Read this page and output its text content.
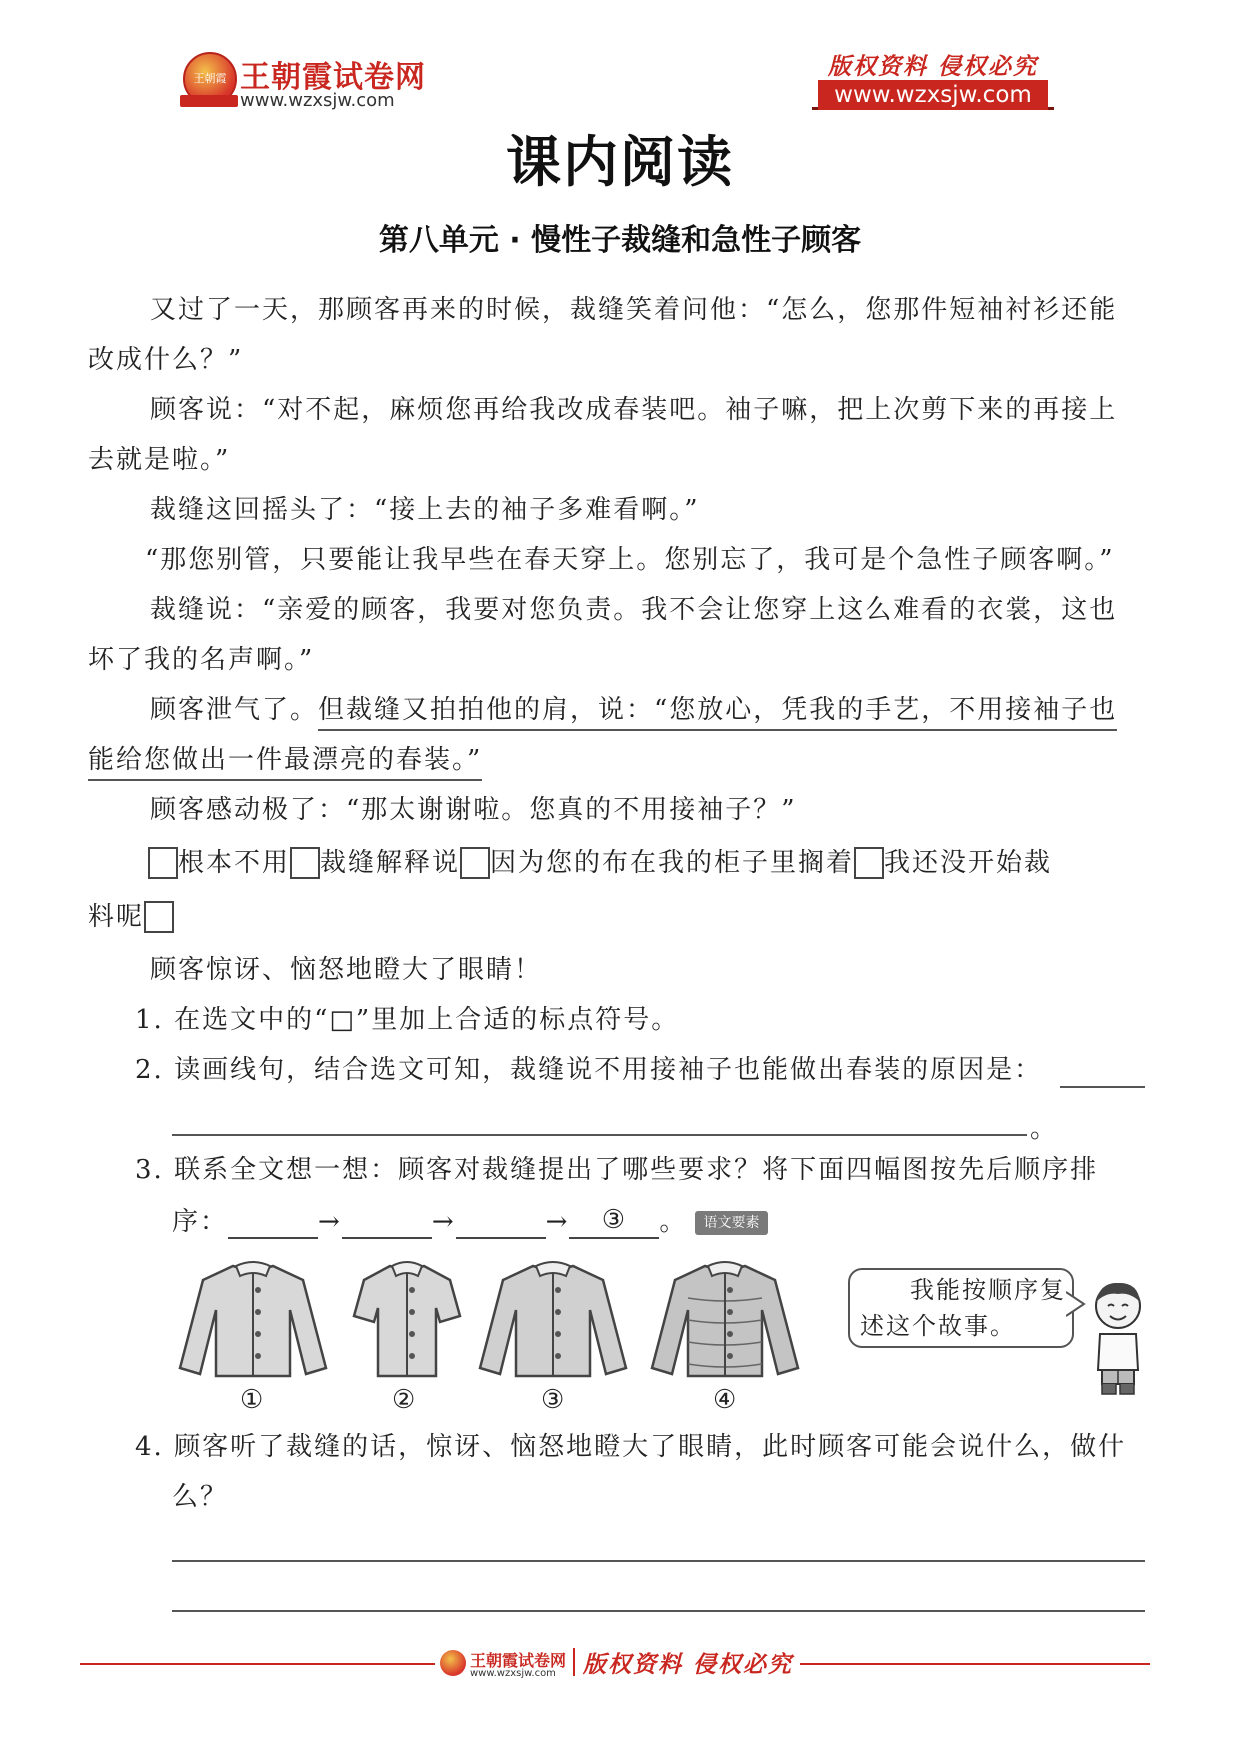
王朝霞 王朝霞试卷网
www.wzxsjw.com
版权资料 侵权必究
www.wzxsjw.com
课内阅读
第八单元 · 慢性子裁缝和急性子顾客
又过了一天，那顾客再来的时候，裁缝笑着问他：“怎么，您那件短袖衬衫还能
改成什么？”
顾客说：“对不起，麻烦您再给我改成春装吧。袖子嘛，把上次剪下来的再接上
去就是啦。”
裁缝这回摇头了：“接上去的袖子多难看啊。”
“那您别管，只要能让我早些在春天穿上。您别忘了，我可是个急性子顾客啊。”
裁缝说：“亲爱的顾客，我要对您负责。我不会让您穿上这么难看的衣裳，这也
坏了我的名声啊。”
顾客泄气了。但裁缝又拍拍他的肩，说：“您放心，凭我的手艺，不用接袖子也
能给您做出一件最漂亮的春装。”
顾客感动极了：“那太谢谢啦。您真的不用接袖子？”
根本不用 裁缝解释说 因为您的布在我的柜子里搁着 我还没开始裁
料呢
顾客惊讶、恼怒地瞪大了眼睛！
1. 在选文中的“□”里加上合适的标点符号。
2. 读画线句，结合选文可知，裁缝说不用接袖子也能做出春装的原因是：
。
3. 联系全文想一想：顾客对裁缝提出了哪些要求？将下面四幅图按先后顺序排
序：	→	→	→ ③ 。	语文要素
①	②	③	④
我能按顺序复
述这个故事。
4. 顾客听了裁缝的话，惊讶、恼怒地瞪大了眼睛，此时顾客可能会说什么，做什
么？
王朝霞试卷网
www.wzxsjw.com 版权资料 侵权必究
